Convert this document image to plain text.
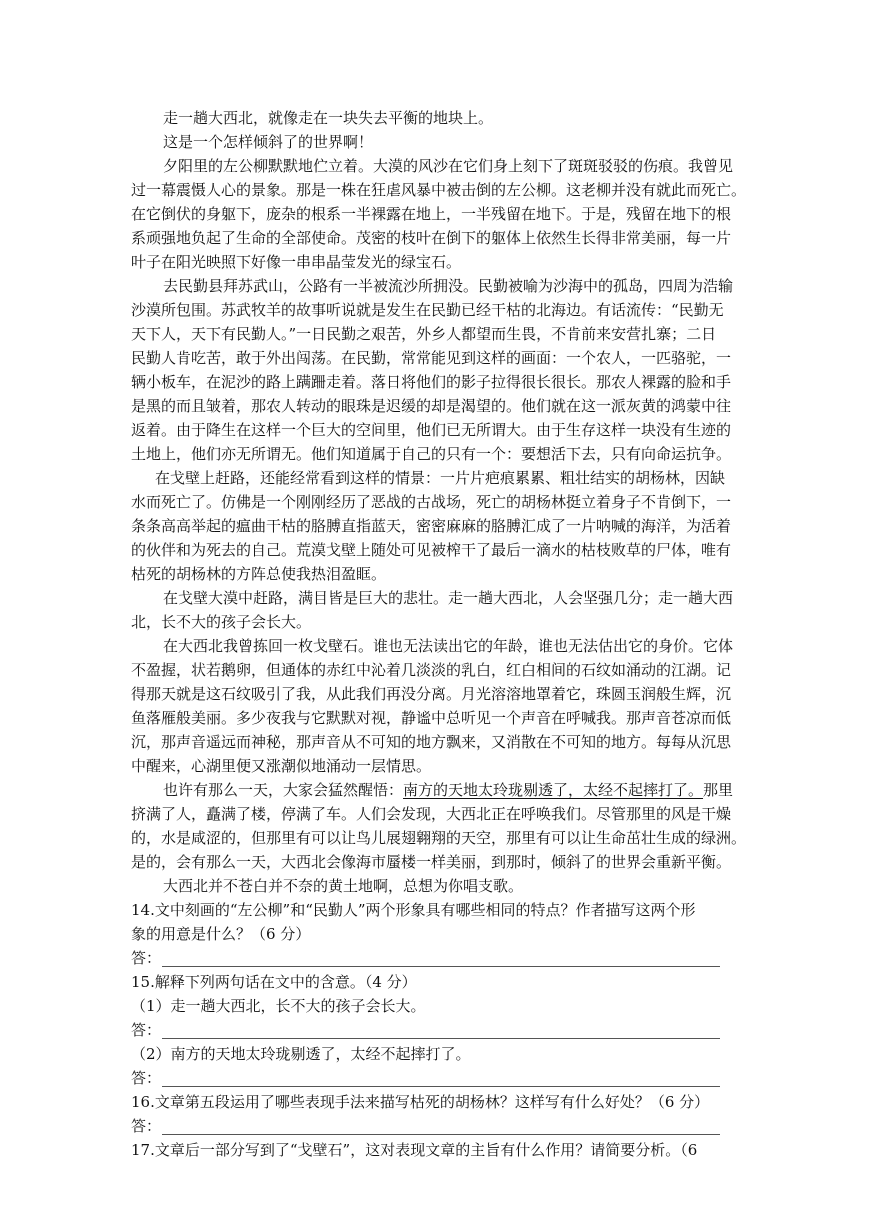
走一趟大西北，就像走在一块失去平衡的地块上。
这是一个怎样倾斜了的世界啊！
夕阳里的左公柳默默地伫立着。大漠的风沙在它们身上刻下了斑斑驳驳的伤痕。我曾见
过一幕震慑人心的景象。那是一株在狂虐风暴中被击倒的左公柳。这老柳并没有就此而死亡。
在它倒伏的身躯下，庞杂的根系一半裸露在地上，一半残留在地下。于是，残留在地下的根
系顽强地负起了生命的全部使命。茂密的枝叶在倒下的躯体上依然生长得非常美丽，每一片
叶子在阳光映照下好像一串串晶莹发光的绿宝石。
去民勤县拜苏武山，公路有一半被流沙所拥没。民勤被喻为沙海中的孤岛，四周为浩输
沙漠所包围。苏武牧羊的故事听说就是发生在民勤已经干枯的北海边。有话流传：“民勤无
天下人，天下有民勤人。”一日民勤之艰苦，外乡人都望而生畏，不肯前来安营扎寨；二日
民勤人肯吃苦，敢于外出闯荡。在民勤，常常能见到这样的画面：一个农人，一匹骆驼，一
辆小板车，在泥沙的路上蹒跚走着。落日将他们的影子拉得很长很长。那农人裸露的脸和手
是黑的而且皱着，那农人转动的眼珠是迟缓的却是渴望的。他们就在这一派灰黄的鸿蒙中往
返着。由于降生在这样一个巨大的空间里，他们已无所谓大。由于生存这样一块没有生迹的
土地上，他们亦无所谓无。他们知道属于自己的只有一个：要想活下去，只有向命运抗争。
在戈壁上赶路，还能经常看到这样的情景：一片片疤痕累累、粗壮结实的胡杨林，因缺
水而死亡了。仿佛是一个刚刚经历了恶战的古战场，死亡的胡杨林挺立着身子不肯倒下，一
条条高高举起的瘟曲干枯的胳膊直指蓝天，密密麻麻的胳膊汇成了一片呐喊的海洋，为活着
的伙伴和为死去的自己。荒漠戈壁上随处可见被榨干了最后一滴水的枯枝败草的尸体，唯有
枯死的胡杨林的方阵总使我热泪盈眶。
在戈壁大漠中赶路，满目皆是巨大的悲壮。走一趟大西北，人会坚强几分；走一趟大西
北，长不大的孩子会长大。
在大西北我曾拣回一枚戈壁石。谁也无法读出它的年龄，谁也无法估出它的身价。它体
不盈握，状若鹅卵，但通体的赤红中沁着几淡淡的乳白，红白相间的石纹如涌动的江湖。记
得那天就是这石纹吸引了我，从此我们再没分离。月光溶溶地罩着它，珠圆玉润般生辉，沉
鱼落雁般美丽。多少夜我与它默默对视，静谧中总听见一个声音在呼喊我。那声音苍凉而低
沉，那声音遥远而神秘，那声音从不可知的地方飘来，又消散在不可知的地方。每每从沉思
中醒来，心湖里便又涨潮似地涌动一层情思。
也许有那么一天，大家会猛然醒悟：南方的天地太玲珑剔透了，太经不起摔打了。那里
挤满了人，矗满了楼，停满了车。人们会发现，大西北正在呼唤我们。尽管那里的风是干燥
的，水是咸涩的，但那里有可以让鸟儿展翅翱翔的天空，那里有可以让生命茁壮生成的绿洲。
是的，会有那么一天，大西北会像海市蜃楼一样美丽，到那时，倾斜了的世界会重新平衡。
大西北并不苍白并不奈的黄土地啊，总想为你唱支歌。
14.文中刻画的“左公柳”和“民勤人”两个形象具有哪些相同的特点？作者描写这两个形
象的用意是什么？（6 分）
答：
15.解释下列两句话在文中的含意。（4 分）
（1）走一趟大西北，长不大的孩子会长大。
答：
（2）南方的天地太玲珑剔透了，太经不起摔打了。
答：
16.文章第五段运用了哪些表现手法来描写枯死的胡杨林？这样写有什么好处？（6 分）
答：
17.文章后一部分写到了“戈壁石”，这对表现文章的主旨有什么作用？请简要分析。（6
